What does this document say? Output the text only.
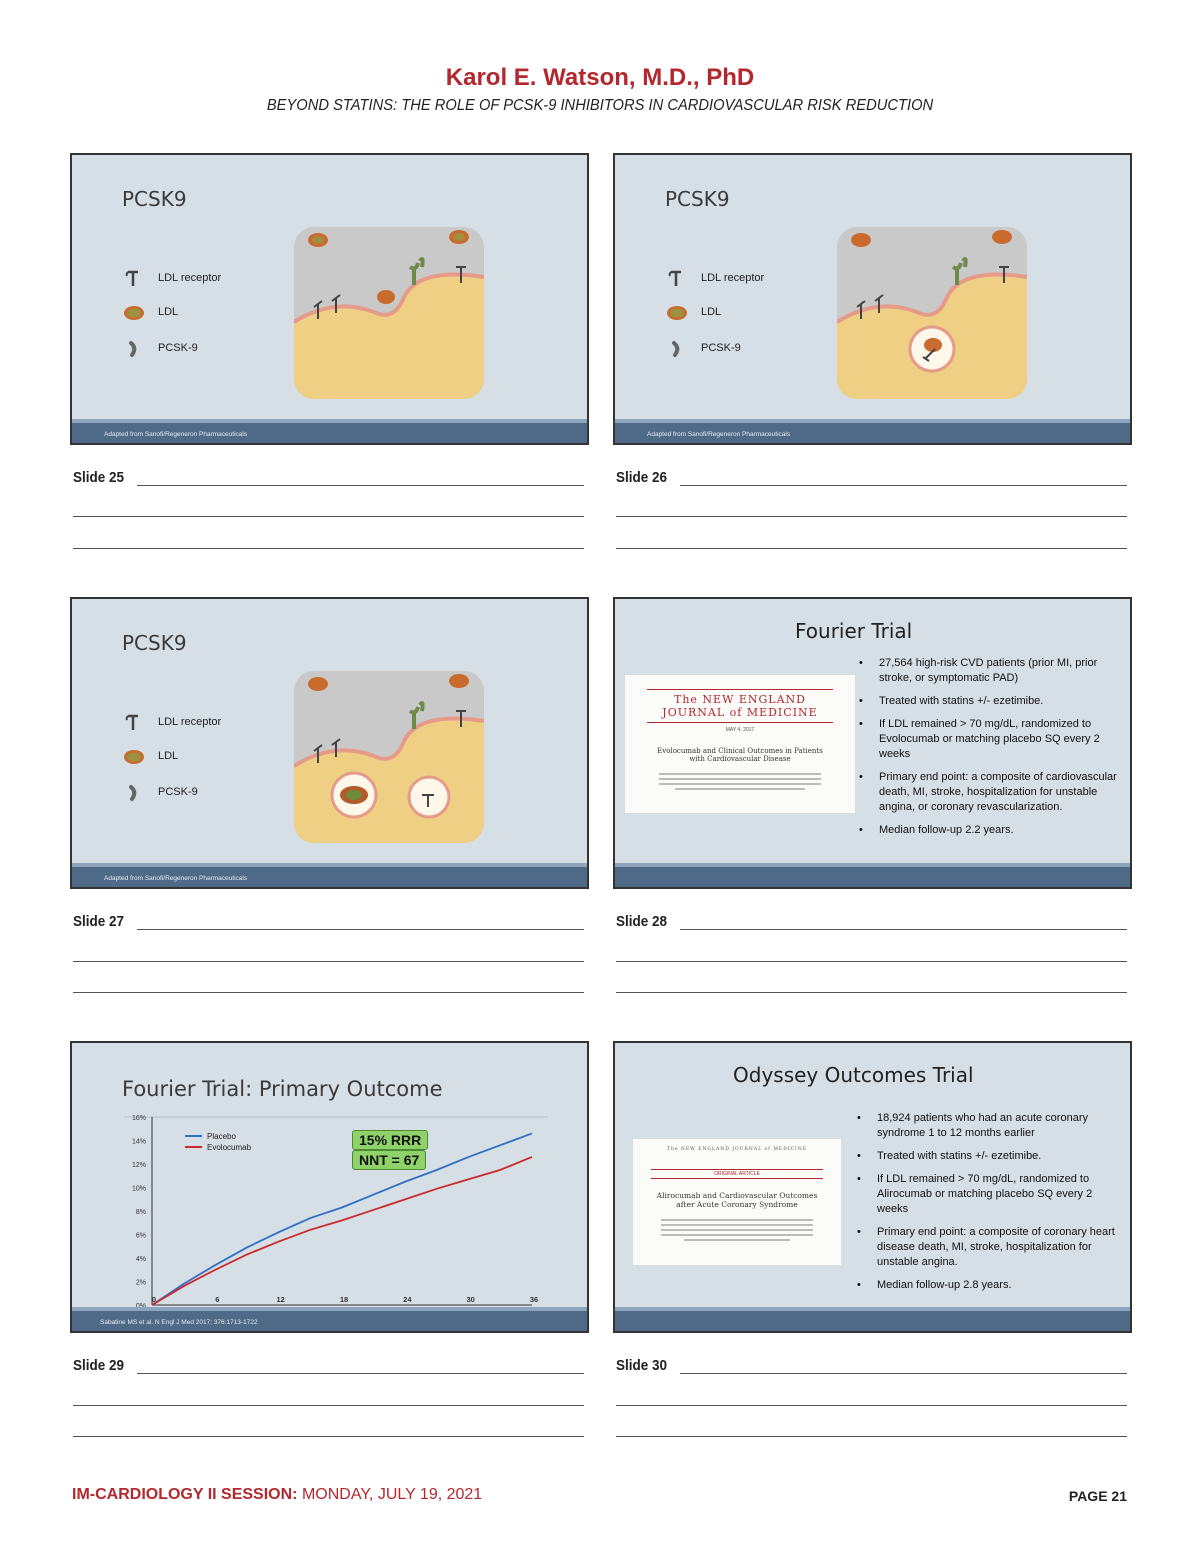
Karol E. Watson, M.D., PhD
BEYOND STATINS: THE ROLE OF PCSK-9 INHIBITORS IN CARDIOVASCULAR RISK REDUCTION
PCSK9
LDL receptor
LDL
PCSK-9
Adapted from Sanofi/Regeneron Pharmaceuticals
Slide 25
PCSK9
LDL receptor
LDL
PCSK-9
Adapted from Sanofi/Regeneron Pharmaceuticals
Slide 26
PCSK9
LDL receptor
LDL
PCSK-9
Adapted from Sanofi/Regeneron Pharmaceuticals
Slide 27
Fourier Trial
The NEW ENGLAND
JOURNAL of MEDICINE
MAY 4, 2017
Evolocumab and Clinical Outcomes in Patients
with Cardiovascular Disease
• 27,564 high-risk CVD patients (prior MI, prior stroke, or symptomatic PAD)
• Treated with statins +/- ezetimibe.
• If LDL remained > 70 mg/dL, randomized to Evolocumab or matching placebo SQ every 2 weeks
• Primary end point: a composite of cardiovascular death, MI, stroke, hospitalization for unstable angina, or coronary revascularization.
• Median follow-up 2.2 years.
Slide 28
Fourier Trial: Primary Outcome
2%
4%
6%
8%
10%
12%
14%
16%
0	6	12	18	24	30	36
Placebo
Evolocumab	15% RRR
NNT = 67
Sabatine MS et al. N Engl J Med 2017; 376:1713-1722
Slide 29
Odyssey Outcomes Trial
The NEW ENGLAND JOURNAL of MEDICINE
ORIGINAL ARTICLE
Alirocumab and Cardiovascular Outcomes
after Acute Coronary Syndrome
• 18,924 patients who had an acute coronary syndrome 1 to 12 months earlier
• Treated with statins +/- ezetimibe.
• If LDL remained > 70 mg/dL, randomized to Alirocumab or matching placebo SQ every 2 weeks
• Primary end point: a composite of coronary heart disease death, MI, stroke, hospitalization for unstable angina.
• Median follow-up 2.8 years.
Slide 30
IM-CARDIOLOGY II SESSION: MONDAY, JULY 19, 2021	PAGE 21
